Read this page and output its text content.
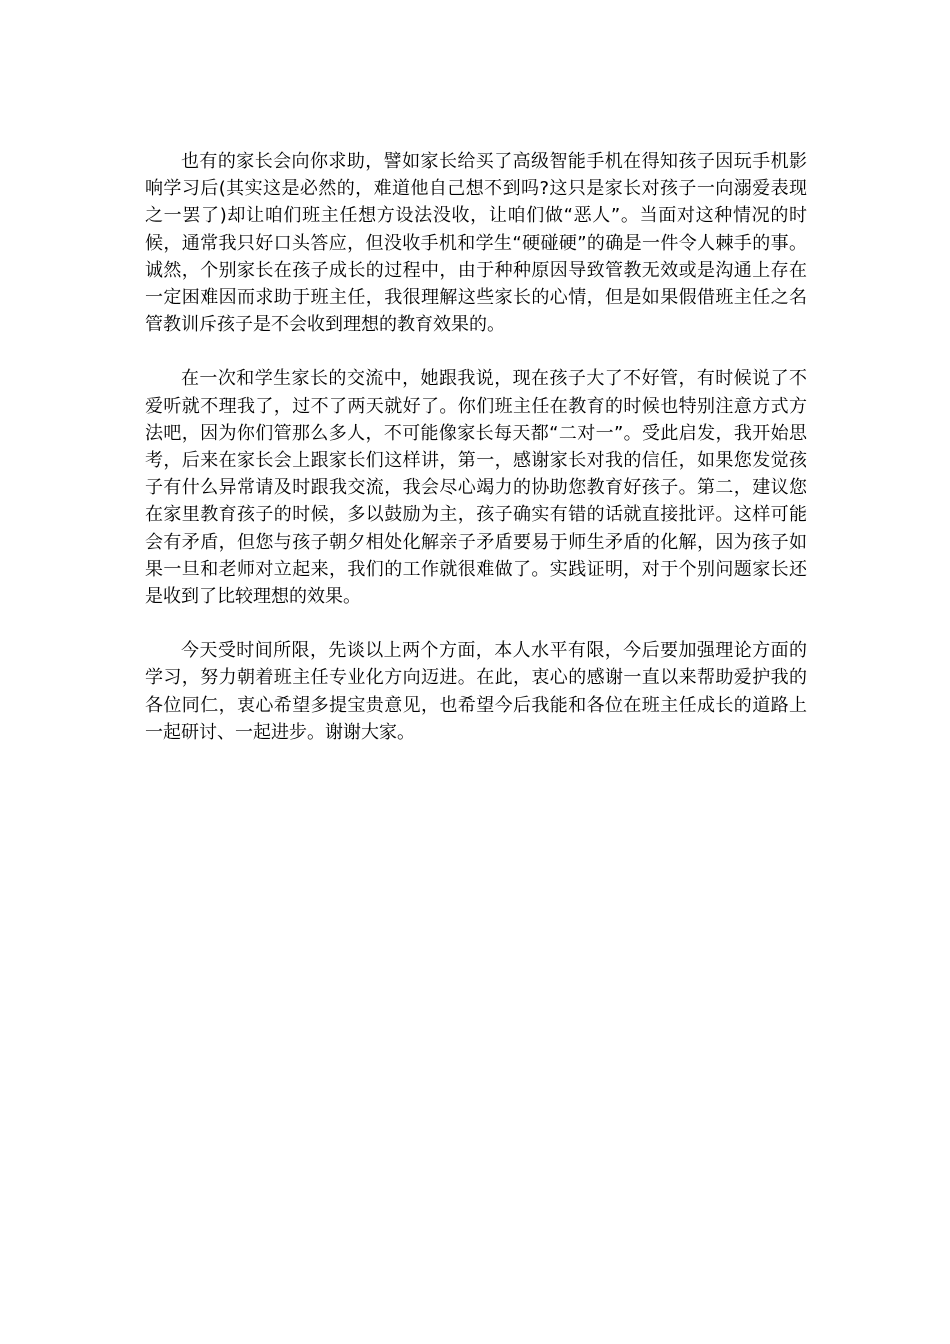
也有的家长会向你求助，譬如家长给买了高级智能手机在得知孩子因玩手机影响学习后(其实这是必然的，难道他自己想不到吗?这只是家长对孩子一向溺爱表现之一罢了)却让咱们班主任想方设法没收，让咱们做“恶人”。当面对这种情况的时候，通常我只好口头答应，但没收手机和学生“硬碰硬”的确是一件令人棘手的事。诚然，个别家长在孩子成长的过程中，由于种种原因导致管教无效或是沟通上存在一定困难因而求助于班主任，我很理解这些家长的心情，但是如果假借班主任之名管教训斥孩子是不会收到理想的教育效果的。

在一次和学生家长的交流中，她跟我说，现在孩子大了不好管，有时候说了不爱听就不理我了，过不了两天就好了。你们班主任在教育的时候也特别注意方式方法吧，因为你们管那么多人，不可能像家长每天都“二对一”。受此启发，我开始思考，后来在家长会上跟家长们这样讲，第一，感谢家长对我的信任，如果您发觉孩子有什么异常请及时跟我交流，我会尽心竭力的协助您教育好孩子。第二，建议您在家里教育孩子的时候，多以鼓励为主，孩子确实有错的话就直接批评。这样可能会有矛盾，但您与孩子朝夕相处化解亲子矛盾要易于师生矛盾的化解，因为孩子如果一旦和老师对立起来，我们的工作就很难做了。实践证明，对于个别问题家长还是收到了比较理想的效果。

今天受时间所限，先谈以上两个方面，本人水平有限，今后要加强理论方面的学习，努力朝着班主任专业化方向迈进。在此，衷心的感谢一直以来帮助爱护我的各位同仁，衷心希望多提宝贵意见，也希望今后我能和各位在班主任成长的道路上一起研讨、一起进步。谢谢大家。
